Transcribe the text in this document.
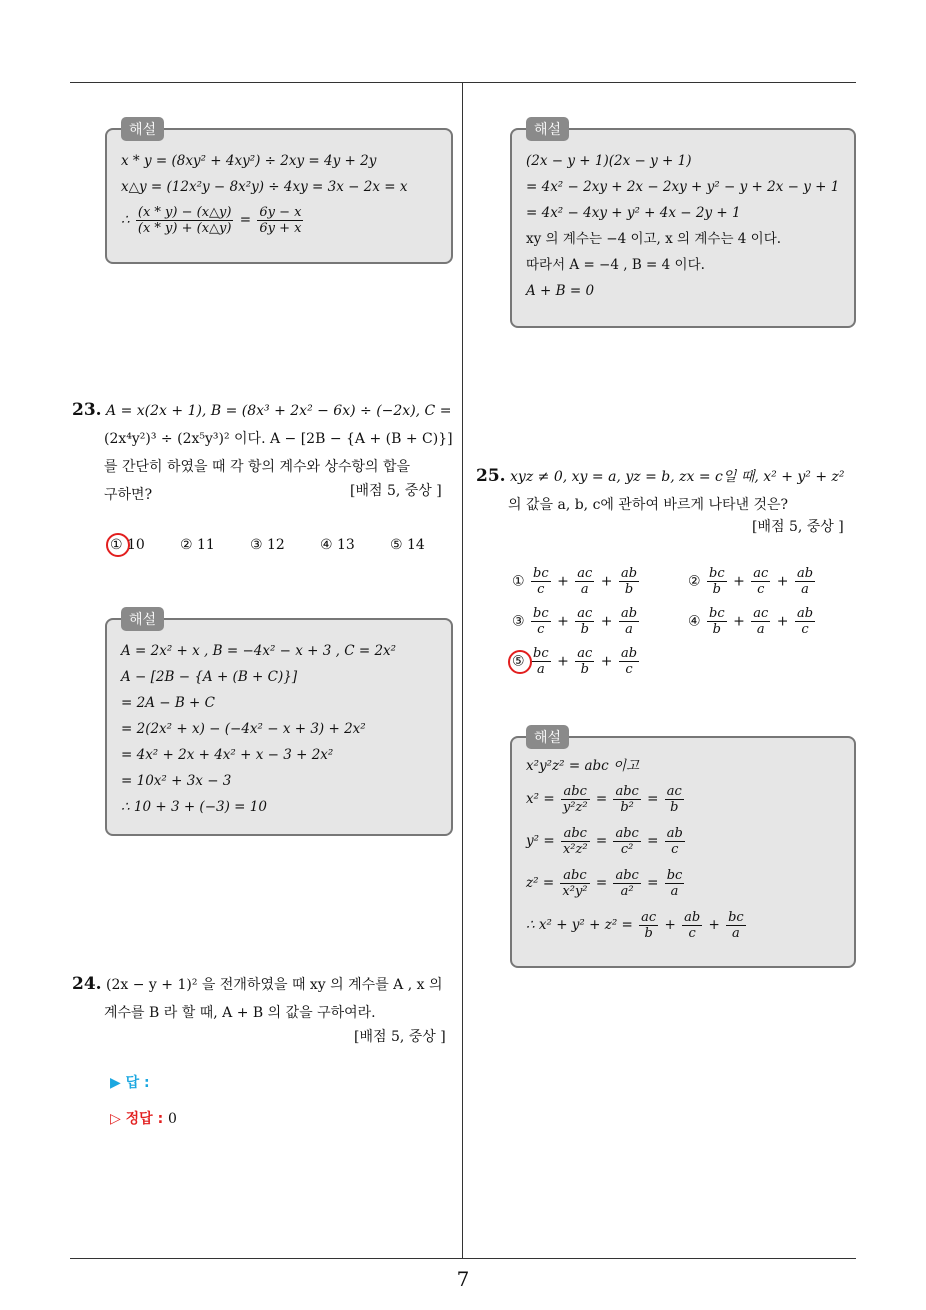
해설
x * y = (8xy² + 4xy²) ÷ 2xy = 4y + 2y
x△y = (12x²y − 8x²y) ÷ 4xy = 3x − 2x = x
∴ $\frac{(x * y) - (x\triangle y)}{(x * y) + (x\triangle y)} = \frac{6y - x}{6y + x}$
23. A = x(2x + 1), B = (8x³ + 2x² − 6x) ÷ (−2x), C =
(2x⁴y²)³ ÷ (2x⁵y³)² 이다. A − [2B − {A + (B + C)}]
를 간단히 하였을 때 각 항의 계수와 상수항의 합을
구하면?	[배점 5, 중상 ]
① 10	② 11	③ 12	④ 13	⑤ 14
해설
A = 2x² + x , B = −4x² − x + 3 , C = 2x²
A − [2B − {A + (B + C)}]
= 2A − B + C
= 2(2x² + x) − (−4x² − x + 3) + 2x²
= 4x² + 2x + 4x² + x − 3 + 2x²
= 10x² + 3x − 3
∴ 10 + 3 + (−3) = 10
24. (2x − y + 1)² 을 전개하였을 때 xy 의 계수를 A , x 의
계수를 B 라 할 때, A + B 의 값을 구하여라.
[배점 5, 중상 ]
▶ 답 :
▷ 정답 : 0
해설
(2x − y + 1)(2x − y + 1)
= 4x² − 2xy + 2x − 2xy + y² − y + 2x − y + 1
= 4x² − 4xy + y² + 4x − 2y + 1
xy 의 계수는 −4 이고, x 의 계수는 4 이다.
따라서 A = −4 , B = 4 이다.
A + B = 0
25. xyz ≠ 0, xy = a, yz = b, zx = c일 때, x² + y² + z²
의 값을 a, b, c에 관하여 바르게 나타낸 것은?
[배점 5, 중상 ]
① $\frac{bc}{c} + \frac{ac}{a} + \frac{ab}{b}$	② $\frac{bc}{b} + \frac{ac}{c} + \frac{ab}{a}$
③ $\frac{bc}{c} + \frac{ac}{b} + \frac{ab}{a}$	④ $\frac{bc}{b} + \frac{ac}{a} + \frac{ab}{c}$
⑤ $\frac{bc}{a} + \frac{ac}{b} + \frac{ab}{c}$
해설
x²y²z² = abc 이고
$x^2 = \frac{\text{abc}}{\text{y²z²}} = \frac{\text{abc}}{\text{b²}} = \frac{ac}{b}$
$y^2 = \frac{\text{abc}}{\text{x²z²}} = \frac{\text{abc}}{\text{c²}} = \frac{ab}{c}$
$z^2 = \frac{\text{abc}}{\text{x²y²}} = \frac{\text{abc}}{\text{a²}} = \frac{bc}{a}$
∴ $x^2 + y^2 + z^2 = \frac{ac}{b} + \frac{ab}{c} + \frac{bc}{a}$
7
